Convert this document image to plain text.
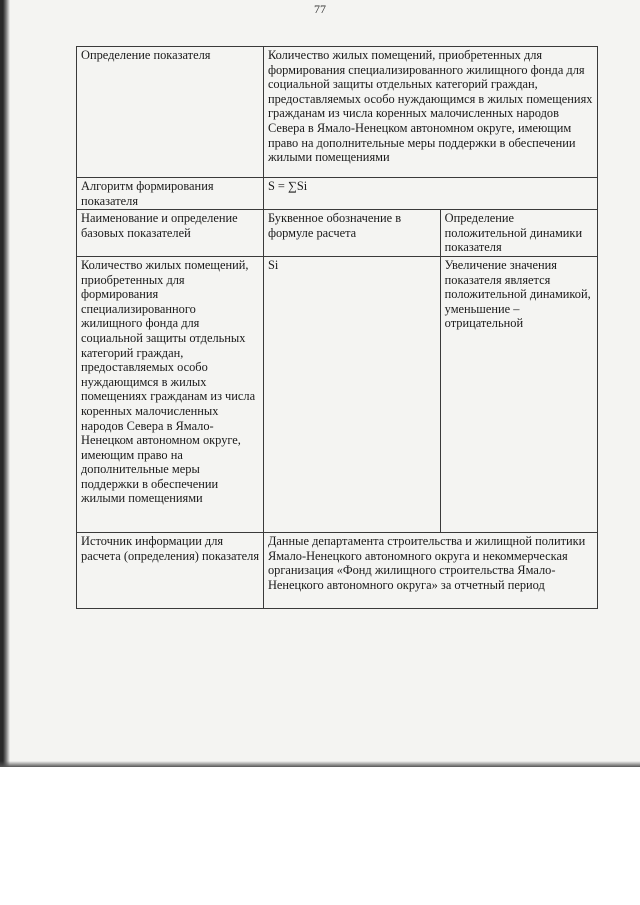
77
Определение показателя	Количество жилых помещений, приобретенных для формирования специализированного жилищного фонда для социальной защиты отдельных категорий граждан, предоставляемых особо нуждающимся в жилых помещениях гражданам из числа коренных малочисленных народов Севера в Ямало-Ненецком автономном округе, имеющим право на дополнительные меры поддержки в обеспечении жилыми помещениями	
Алгоритм формирования показателя	S = ∑Si	
Наименование и определение базовых показателей	Буквенное обозначение в формуле расчета	Определение положительной динамики показателя
Количество жилых помещений, приобретенных для формирования специализированного жилищного фонда для социальной защиты отдельных категорий граждан, предоставляемых особо нуждающимся в жилых помещениях гражданам из числа коренных малочисленных народов Севера в Ямало-Ненецком автономном округе, имеющим право на дополнительные меры поддержки в обеспечении жилыми помещениями	Si	Увеличение значения показателя является положительной динамикой, уменьшение – отрицательной
Источник информации для расчета (определения) показателя	Данные департамента строительства и жилищной политики Ямало-Ненецкого автономного округа и некоммерческая организация «Фонд жилищного строительства Ямало-Ненецкого автономного округа» за отчетный период	
